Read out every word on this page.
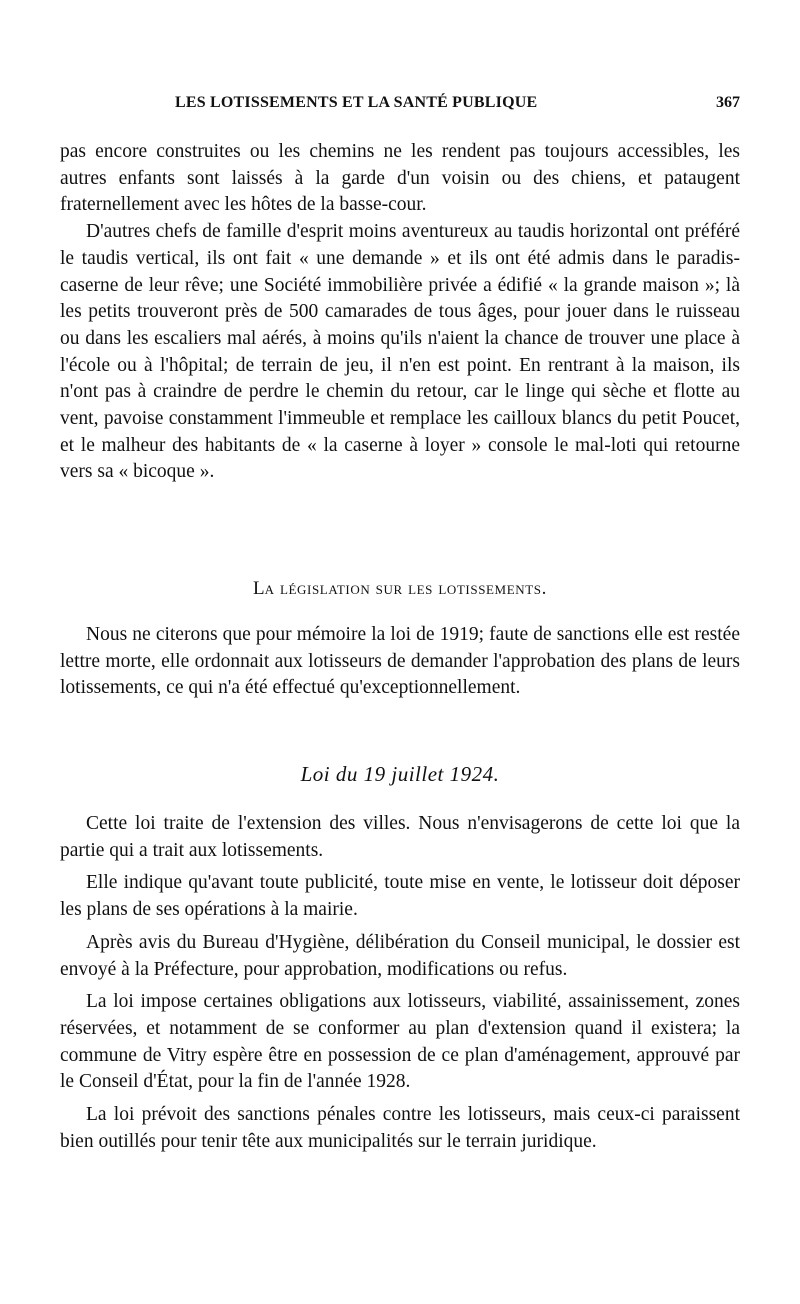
LES LOTISSEMENTS ET LA SANTÉ PUBLIQUE	367

pas encore construites ou les chemins ne les rendent pas toujours accessibles, les autres enfants sont laissés à la garde d'un voisin ou des chiens, et pataugent fraternellement avec les hôtes de la basse-cour.

D'autres chefs de famille d'esprit moins aventureux au taudis horizontal ont préféré le taudis vertical, ils ont fait « une demande » et ils ont été admis dans le paradis-caserne de leur rêve; une Société immobilière privée a édifié « la grande maison »; là les petits trouveront près de 500 camarades de tous âges, pour jouer dans le ruisseau ou dans les escaliers mal aérés, à moins qu'ils n'aient la chance de trouver une place à l'école ou à l'hôpital; de terrain de jeu, il n'en est point. En rentrant à la maison, ils n'ont pas à craindre de perdre le chemin du retour, car le linge qui sèche et flotte au vent, pavoise constamment l'immeuble et remplace les cailloux blancs du petit Poucet, et le malheur des habitants de « la caserne à loyer » console le mal-loti qui retourne vers sa « bicoque ».

La législation sur les lotissements.

Nous ne citerons que pour mémoire la loi de 1919; faute de sanctions elle est restée lettre morte, elle ordonnait aux lotisseurs de demander l'approbation des plans de leurs lotissements, ce qui n'a été effectué qu'exceptionnellement.

Loi du 19 juillet 1924.

Cette loi traite de l'extension des villes. Nous n'envisagerons de cette loi que la partie qui a trait aux lotissements.

Elle indique qu'avant toute publicité, toute mise en vente, le lotisseur doit déposer les plans de ses opérations à la mairie.

Après avis du Bureau d'Hygiène, délibération du Conseil municipal, le dossier est envoyé à la Préfecture, pour approbation, modifications ou refus.

La loi impose certaines obligations aux lotisseurs, viabilité, assainissement, zones réservées, et notamment de se conformer au plan d'extension quand il existera; la commune de Vitry espère être en possession de ce plan d'aménagement, approuvé par le Conseil d'État, pour la fin de l'année 1928.

La loi prévoit des sanctions pénales contre les lotisseurs, mais ceux-ci paraissent bien outillés pour tenir tête aux municipalités sur le terrain juridique.
